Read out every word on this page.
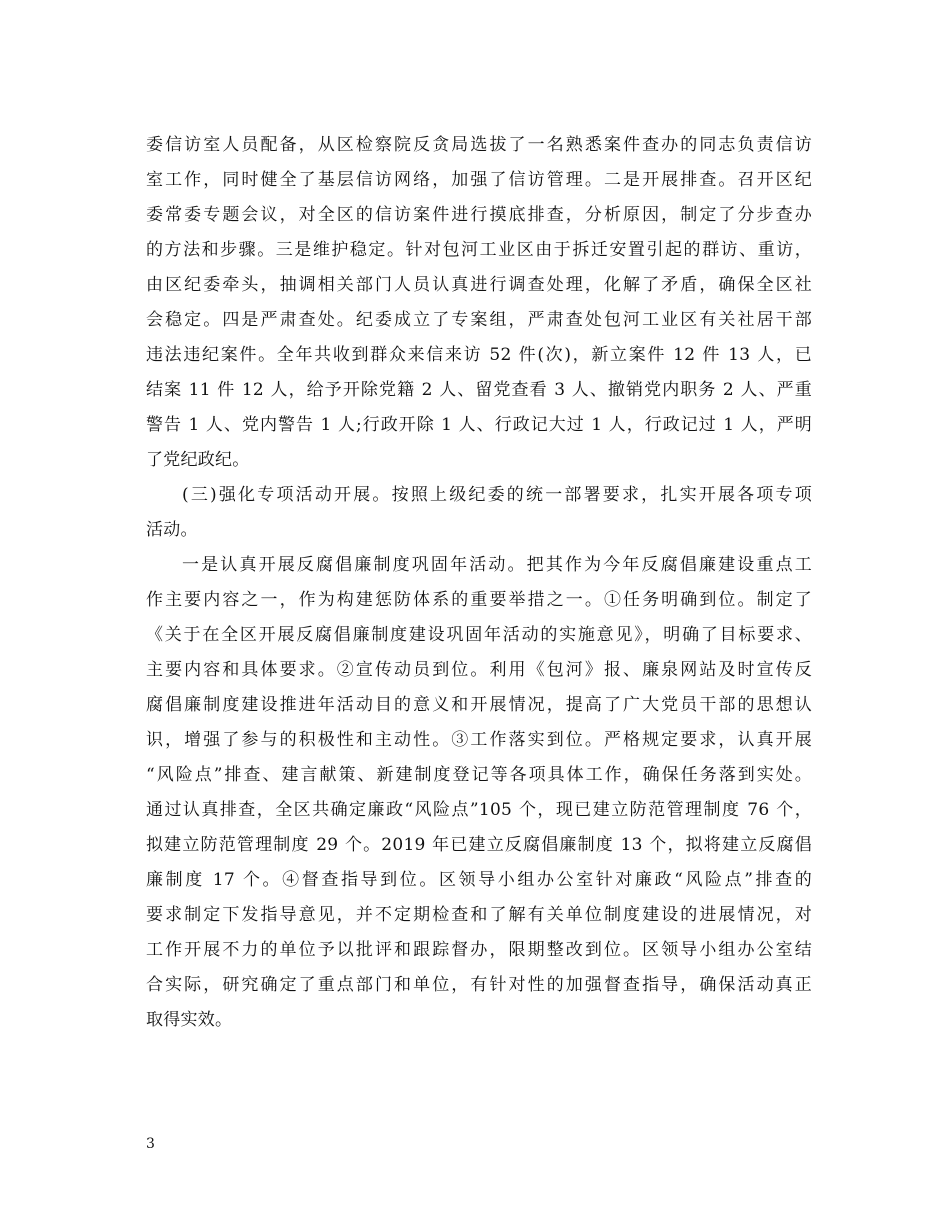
委信访室人员配备，从区检察院反贪局选拔了一名熟悉案件查办的同志负责信访
室工作，同时健全了基层信访网络，加强了信访管理。二是开展排查。召开区纪
委常委专题会议，对全区的信访案件进行摸底排查，分析原因，制定了分步查办
的方法和步骤。三是维护稳定。针对包河工业区由于拆迁安置引起的群访、重访，
由区纪委牵头，抽调相关部门人员认真进行调查处理，化解了矛盾，确保全区社
会稳定。四是严肃查处。纪委成立了专案组，严肃查处包河工业区有关社居干部
违法违纪案件。全年共收到群众来信来访 52 件(次)，新立案件 12 件 13 人，已
结案 11 件 12 人，给予开除党籍 2 人、留党查看 3 人、撤销党内职务 2 人、严重
警告 1 人、党内警告 1 人;行政开除 1 人、行政记大过 1 人，行政记过 1 人，严明
了党纪政纪。
(三)强化专项活动开展。按照上级纪委的统一部署要求，扎实开展各项专项
活动。
一是认真开展反腐倡廉制度巩固年活动。把其作为今年反腐倡廉建设重点工
作主要内容之一，作为构建惩防体系的重要举措之一。①任务明确到位。制定了
《关于在全区开展反腐倡廉制度建设巩固年活动的实施意见》，明确了目标要求、
主要内容和具体要求。②宣传动员到位。利用《包河》报、廉泉网站及时宣传反
腐倡廉制度建设推进年活动目的意义和开展情况，提高了广大党员干部的思想认
识，增强了参与的积极性和主动性。③工作落实到位。严格规定要求，认真开展
“风险点”排查、建言献策、新建制度登记等各项具体工作，确保任务落到实处。
通过认真排查，全区共确定廉政“风险点”105 个，现已建立防范管理制度 76 个，
拟建立防范管理制度 29 个。2019 年已建立反腐倡廉制度 13 个，拟将建立反腐倡
廉制度 17 个。④督查指导到位。区领导小组办公室针对廉政“风险点”排查的
要求制定下发指导意见，并不定期检查和了解有关单位制度建设的进展情况，对
工作开展不力的单位予以批评和跟踪督办，限期整改到位。区领导小组办公室结
合实际，研究确定了重点部门和单位，有针对性的加强督查指导，确保活动真正
取得实效。
3
